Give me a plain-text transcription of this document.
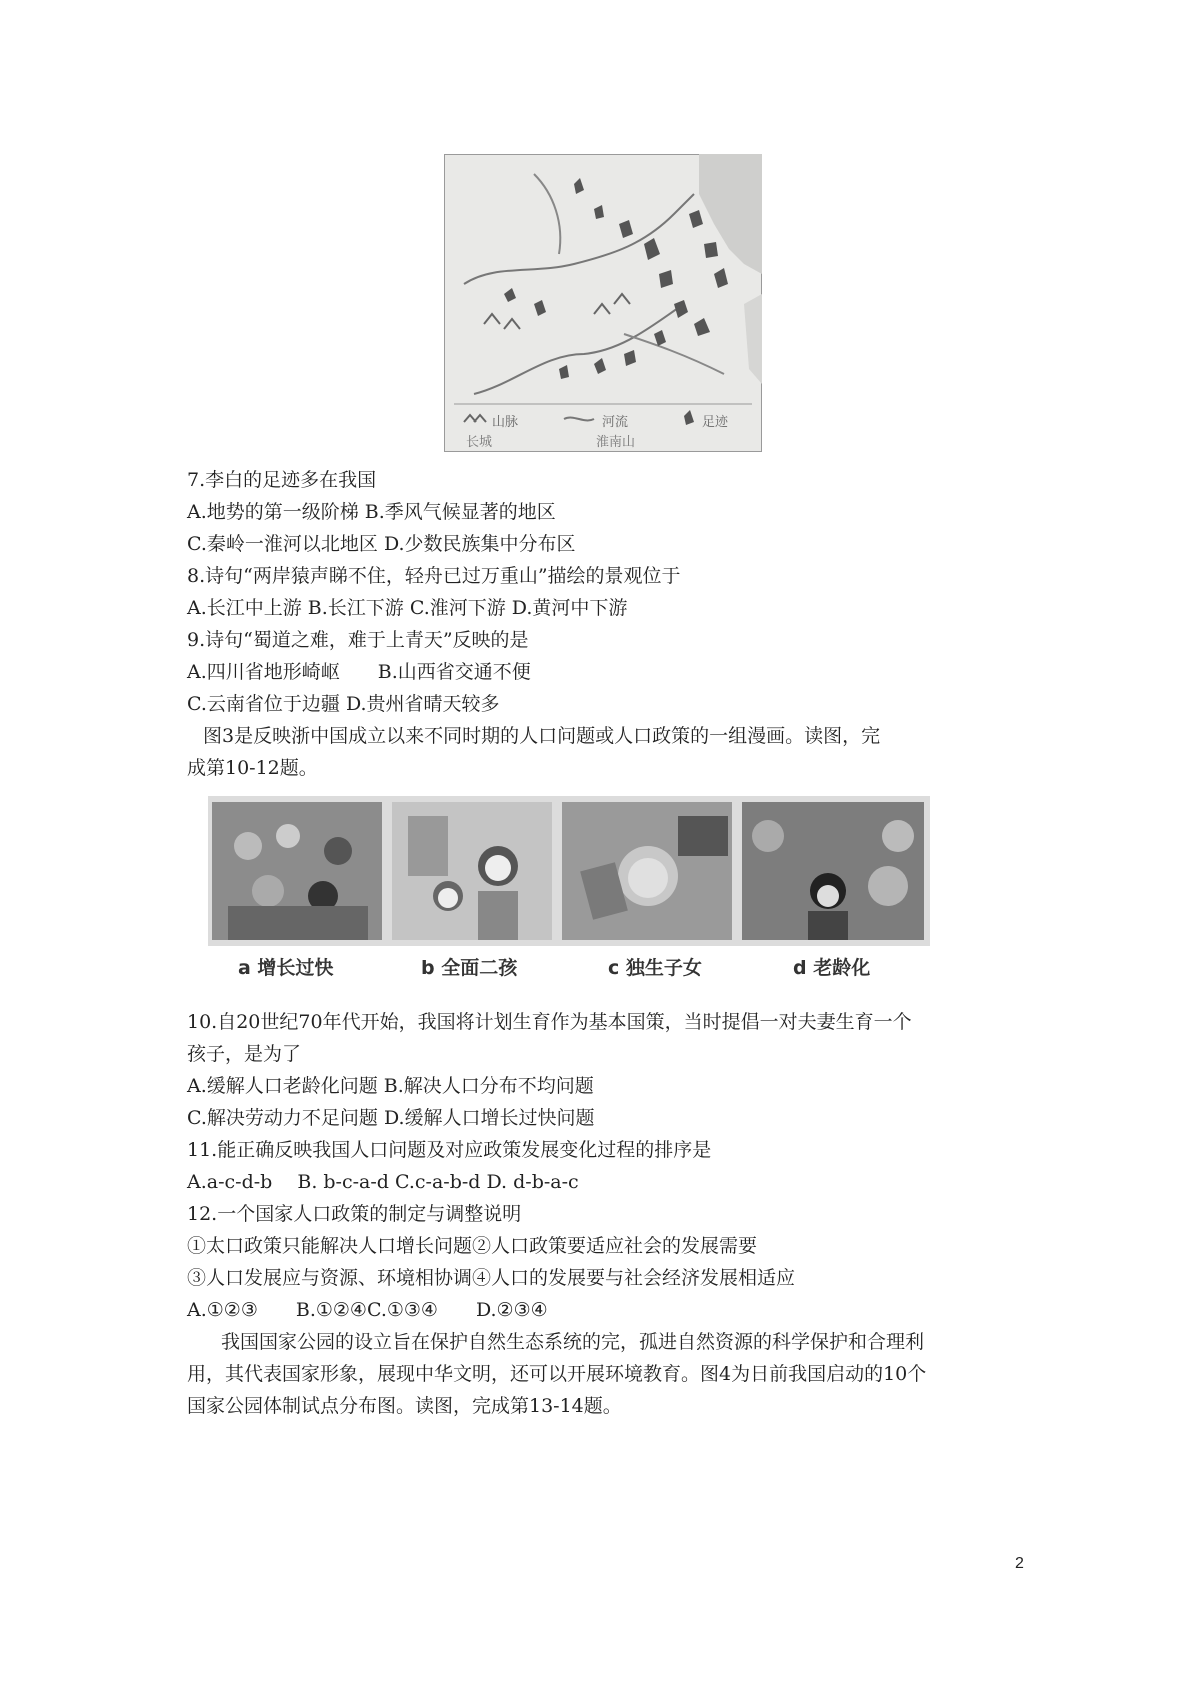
山脉	河流	足迹
长城	淮南山
7.李白的足迹多在我国
A.地势的第一级阶梯 B.季风气候显著的地区
C.秦岭一淮河以北地区 D.少数民族集中分布区
8.诗句“两岸猿声睇不住，轻舟已过万重山”描绘的景观位于
A.长江中上游 B.长江下游 C.淮河下游 D.黄河中下游
9.诗句“蜀道之难，难于上青天”反映的是
A.四川省地形崎岖　　B.山西省交通不便
C.云南省位于边疆 D.贵州省晴天较多
图3是反映浙中国成立以来不同时期的人口问题或人口政策的一组漫画。读图，完
成第10-12题。
a 增长过快	b 全面二孩	c 独生子女	d 老龄化
10.自20世纪70年代开始，我国将计划生育作为基本国策，当时提倡一对夫妻生育一个
孩子，是为了
A.缓解人口老龄化问题 B.解决人口分布不均问题
C.解决劳动力不足问题 D.缓解人口增长过快问题
11.能正确反映我国人口问题及对应政策发展变化过程的排序是
A.a-c-d-b　 B. b-c-a-d C.c-a-b-d D. d-b-a-c
12.一个国家人口政策的制定与调整说明
①太口政策只能解决人口增长问题②人口政策要适应社会的发展需要
③人口发展应与资源、环境相协调④人口的发展要与社会经济发展相适应
A.①②③　　B.①②④C.①③④　　D.②③④
我国国家公园的设立旨在保护自然生态系统的完，孤进自然资源的科学保护和合理利
用，其代表国家形象，展现中华文明，还可以开展环境教育。图4为日前我国启动的10个
国家公园体制试点分布图。读图，完成第13-14题。
2
